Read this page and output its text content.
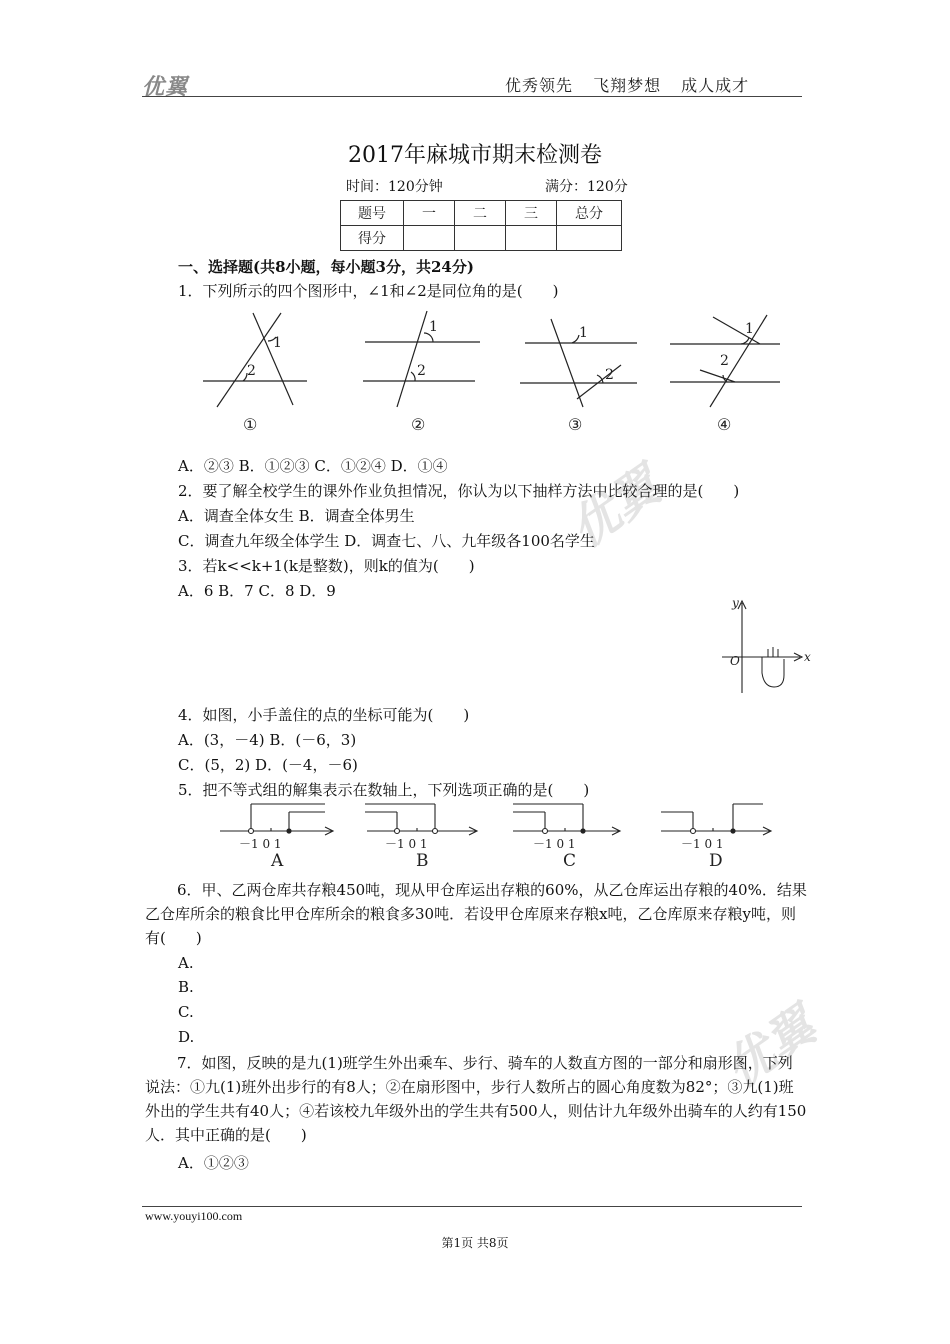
优翼	优秀领先 飞翔梦想 成人成才
优翼
优翼
2017年麻城市期末检测卷
时间：120分钟	满分：120分
题号	一	二	三	总分
得分				
一、选择题(共8小题，每小题3分，共24分)
1．下列所示的四个图形中，∠1和∠2是同位角的是(　　)
1
2
1
2
1
2
1
2
①	②	③	④
A．②③ B．①②③ C．①②④ D．①④
2．要了解全校学生的课外作业负担情况，你认为以下抽样方法中比较合理的是(　　)
A．调查全体女生 B．调查全体男生
C．调查九年级全体学生 D．调查七、八、九年级各100名学生
3．若k<<k+1(k是整数)，则k的值为(　　)
A．6 B．7 C．8 D．9
y
x
O
4．如图，小手盖住的点的坐标可能为(　　)
A．(3，－4) B．(－6，3)
C．(5，2) D．(－4，－6)
5．把不等式组的解集表示在数轴上，下列选项正确的是(　　)
－1 0 1	－1 0 1	－1 0 1	－1 0 1
A	B	C	D
6．甲、乙两仓库共存粮450吨，现从甲仓库运出存粮的60%，从乙仓库运出存粮的40%．结果乙仓库所余的粮食比甲仓库所余的粮食多30吨．若设甲仓库原来存粮x吨，乙仓库原来存粮y吨，则有(　　)
A.
B.
C.
D.
7．如图，反映的是九(1)班学生外出乘车、步行、骑车的人数直方图的一部分和扇形图，下列说法：①九(1)班外出步行的有8人；②在扇形图中，步行人数所占的圆心角度数为82°；③九(1)班外出的学生共有40人；④若该校九年级外出的学生共有500人，则估计九年级外出骑车的人约有150人．其中正确的是(　　)
A．①②③
www.youyi100.com
第1页 共8页
